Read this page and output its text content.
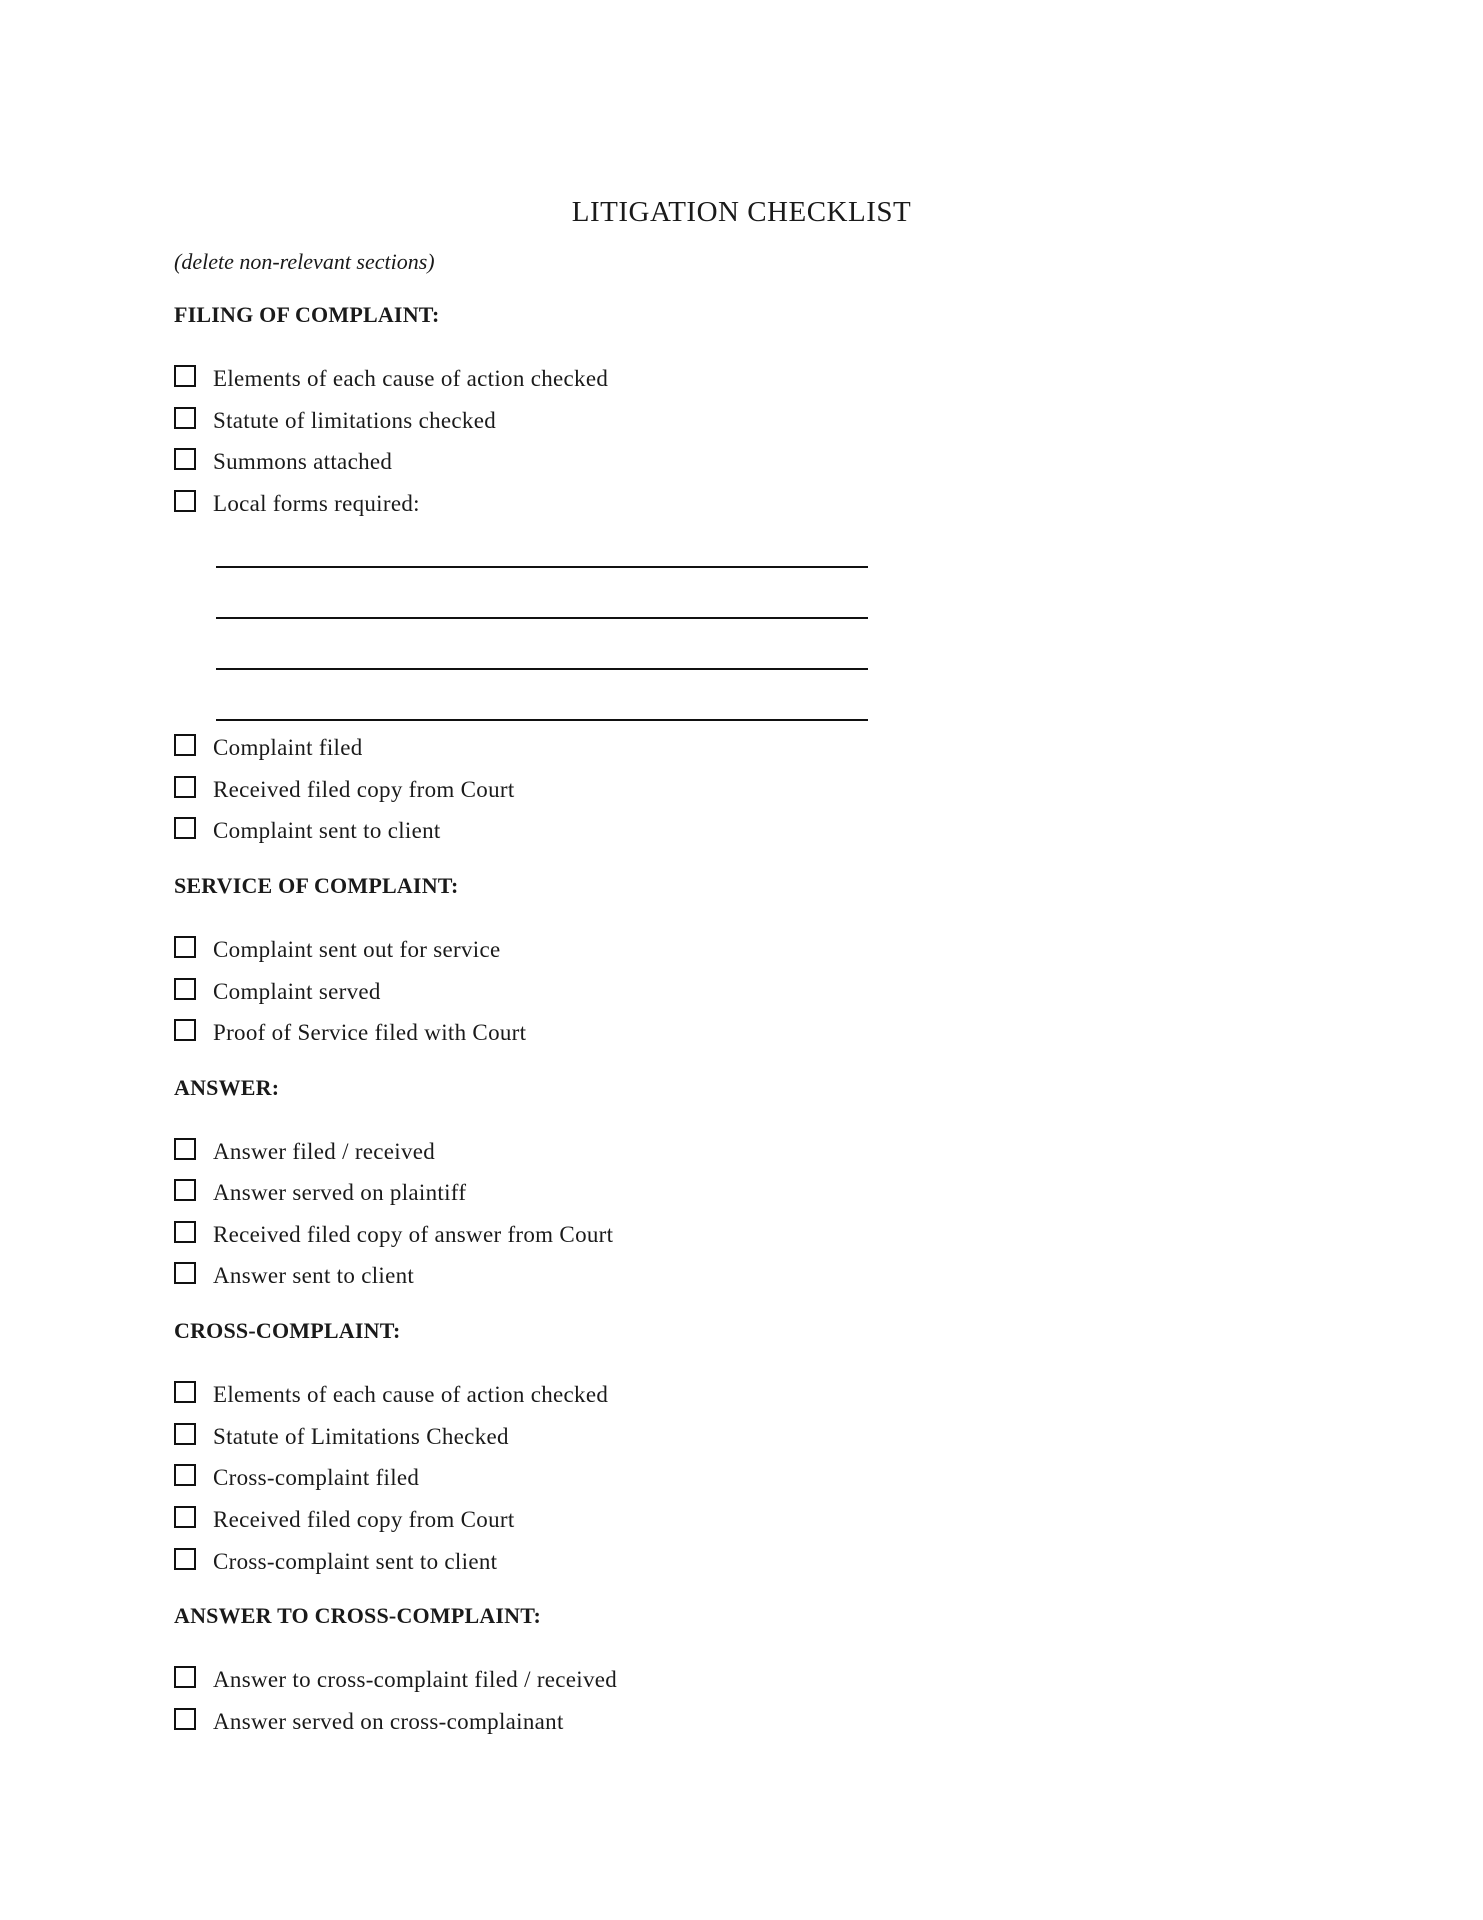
LITIGATION CHECKLIST
(delete non-relevant sections)
FILING OF COMPLAINT:
Elements of each cause of action checked
Statute of limitations checked
Summons attached
Local forms required:
Complaint filed
Received filed copy from Court
Complaint sent to client
SERVICE OF COMPLAINT:
Complaint sent out for service
Complaint served
Proof of Service filed with Court
ANSWER:
Answer filed / received
Answer served on plaintiff
Received filed copy of answer from Court
Answer sent to client
CROSS-COMPLAINT:
Elements of each cause of action checked
Statute of Limitations Checked
Cross-complaint filed
Received filed copy from Court
Cross-complaint sent to client
ANSWER TO CROSS-COMPLAINT:
Answer to cross-complaint filed / received
Answer served on cross-complainant
